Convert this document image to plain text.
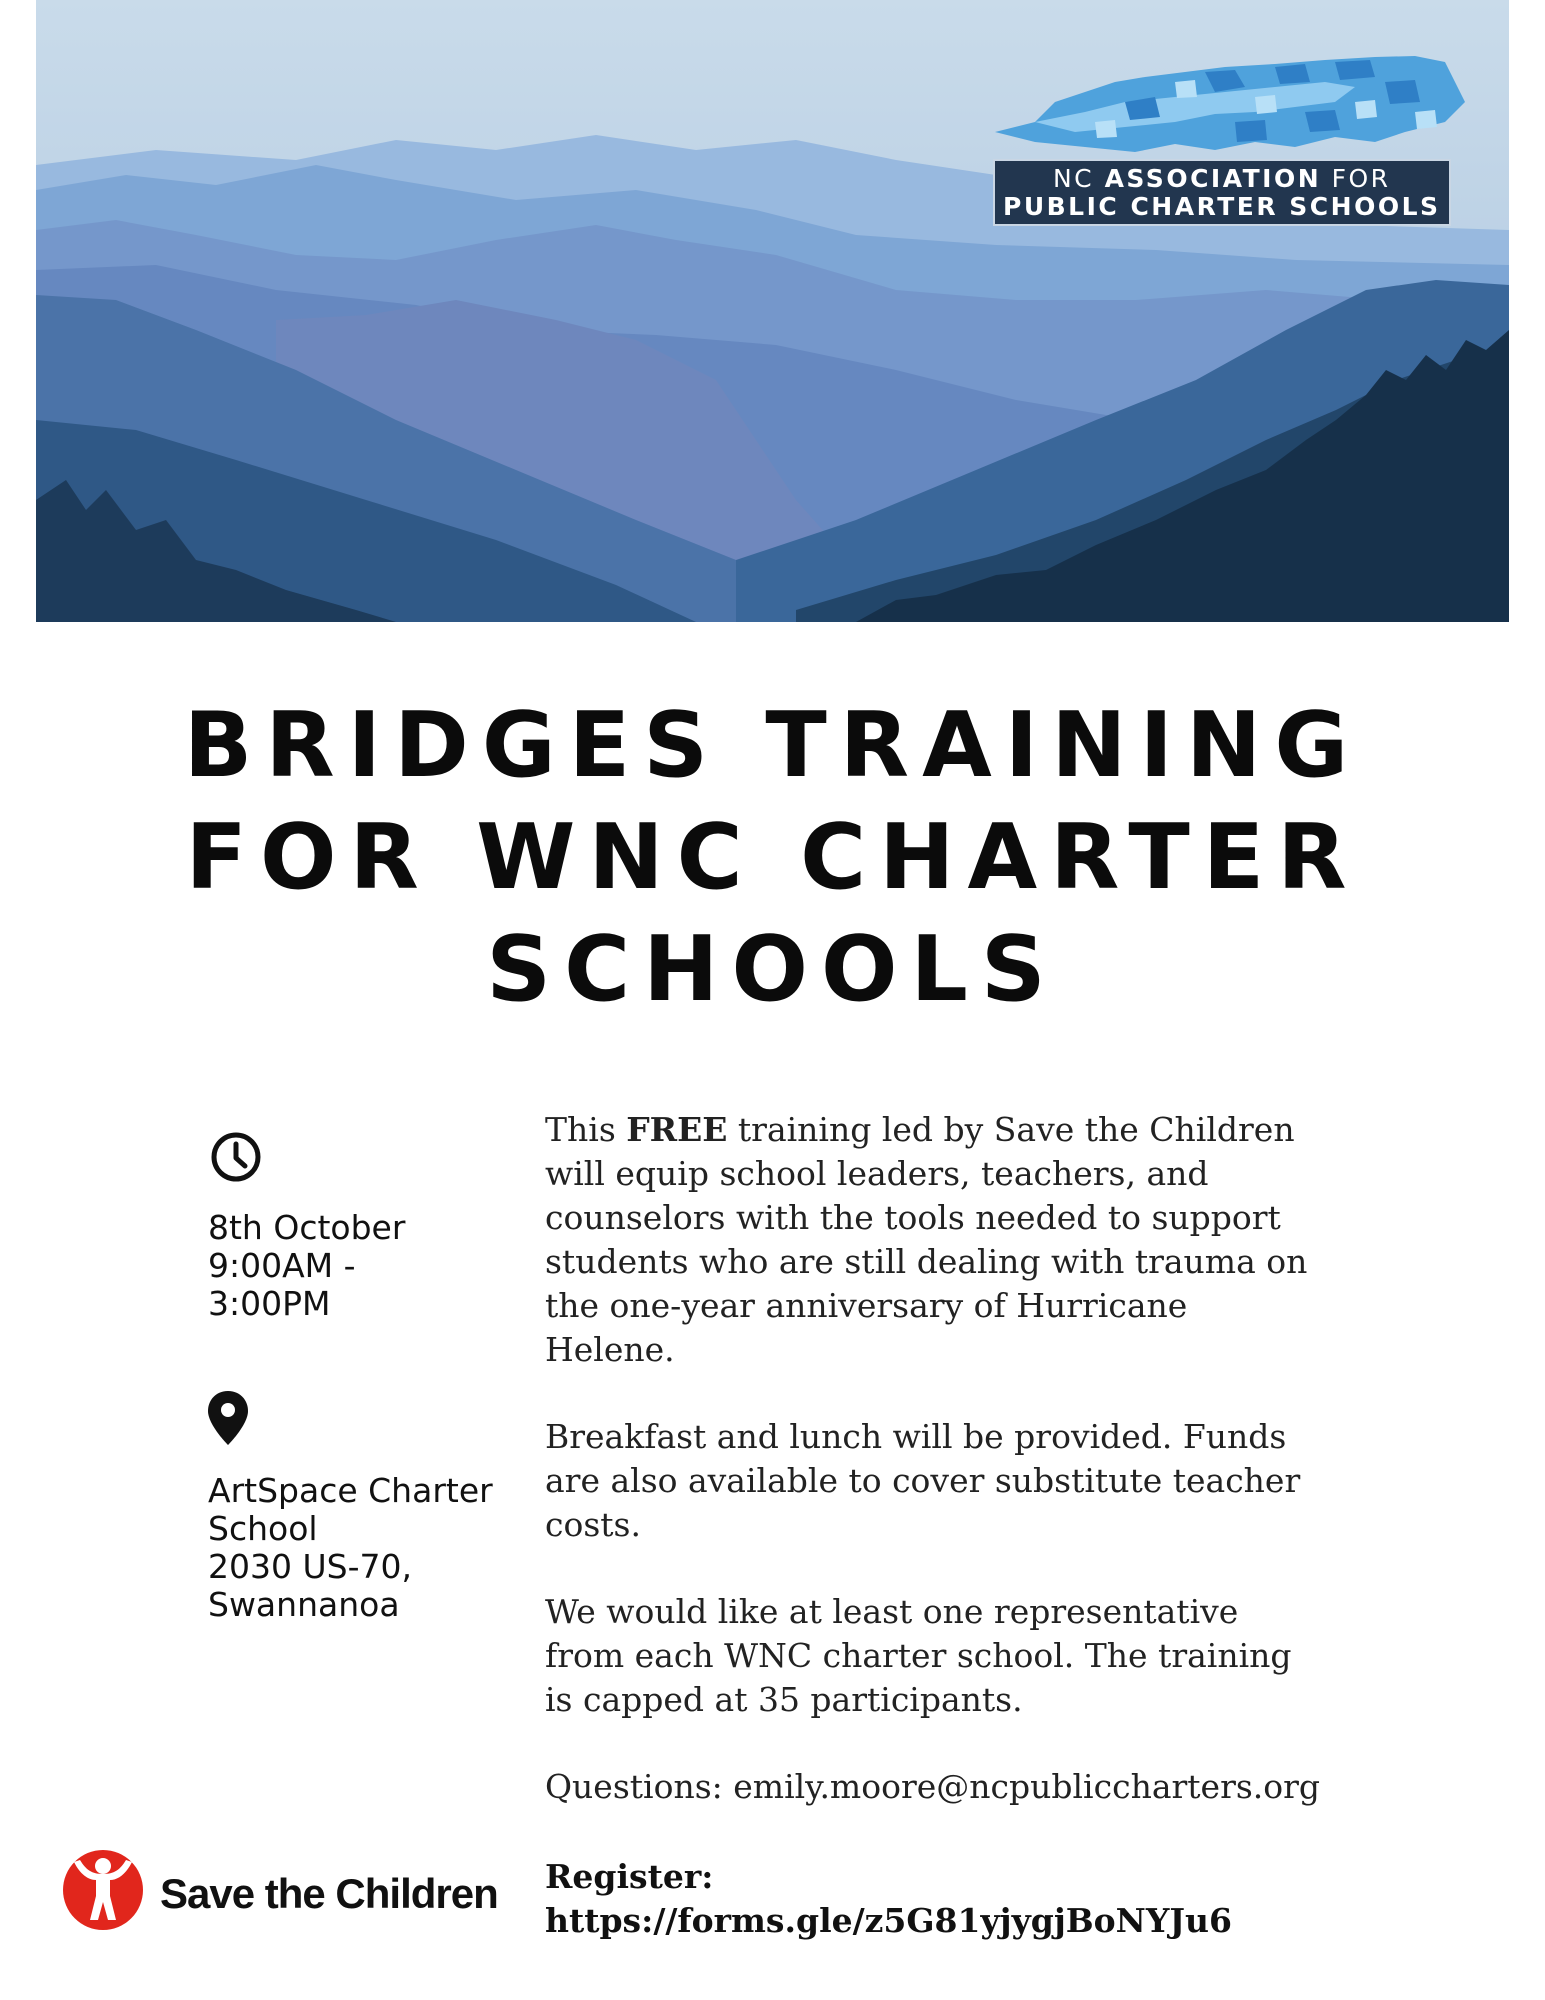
NC ASSOCIATION FOR
PUBLIC CHARTER SCHOOLS
BRIDGES TRAINING
FOR WNC CHARTER
SCHOOLS
8th October
9:00AM -
3:00PM
ArtSpace Charter
School
2030 US-70,
Swannanoa

This FREE training led by Save the Children will equip school leaders, teachers, and counselors with the tools needed to support students who are still dealing with trauma on the one-year anniversary of Hurricane Helene.

Breakfast and lunch will be provided. Funds are also available to cover substitute teacher costs.

We would like at least one representative from each WNC charter school. The training is capped at 35 participants.

Questions: emily.moore@ncpubliccharters.org

Register:
https://forms.gle/z5G81yjygjBoNYJu6
Save the Children
